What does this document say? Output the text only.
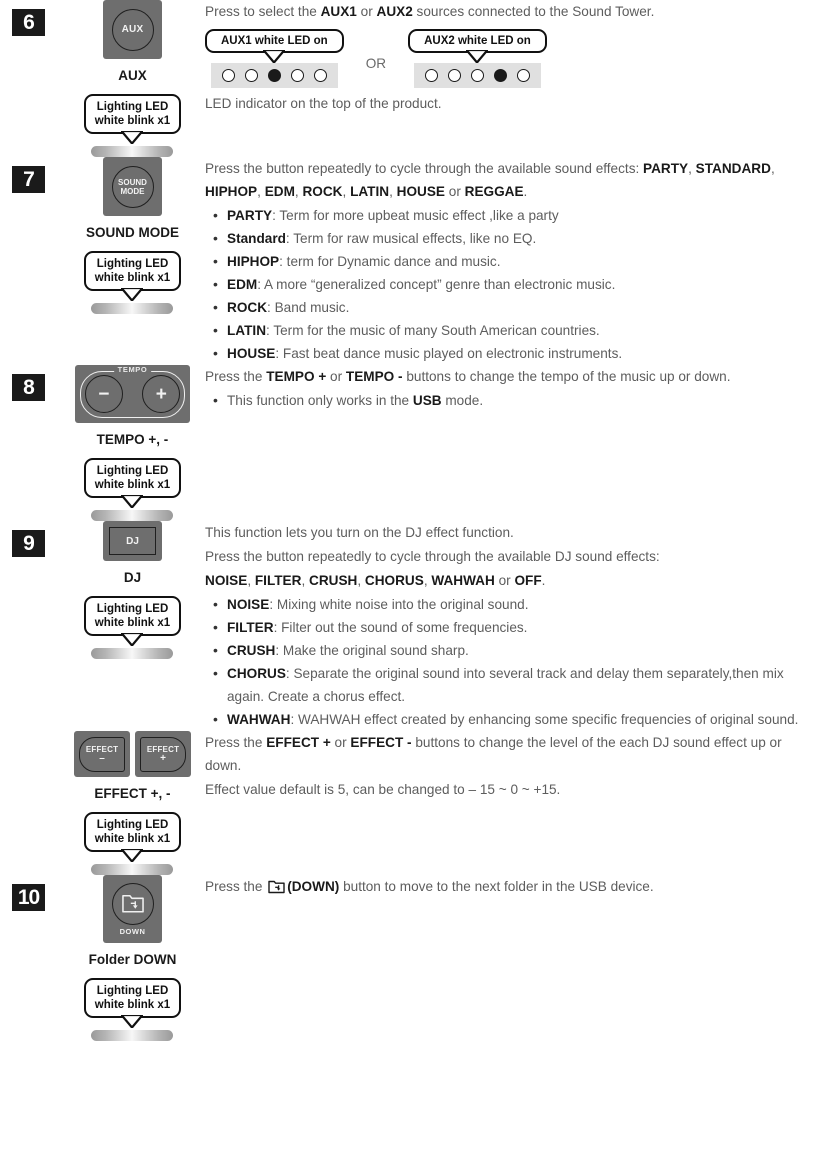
6	AUX
AUX
Lighting LED
white blink x1

Press to select the AUX1 or AUX2 sources connected to the Sound Tower.

AUX1 white LED on
OR
AUX2 white LED on

LED indicator on the top of the product.

7	SOUND
MODE
SOUND MODE
Lighting LED
white blink x1

Press the button repeatedly to cycle through the available sound effects: PARTY, STANDARD, HIPHOP, EDM, ROCK, LATIN, HOUSE or REGGAE.

• PARTY: Term for more upbeat music effect ,like a party
• Standard: Term for raw musical effects, like no EQ.
• HIPHOP: term for Dynamic dance and music.
• EDM: A more “generalized concept” genre than electronic music.
• ROCK: Band music.
• LATIN: Term for the music of many South American countries.
• HOUSE: Fast beat dance music played on electronic instruments.

8	
TEMPO
−	+
TEMPO +, -
Lighting LED
white blink x1

Press the TEMPO + or TEMPO - buttons to change the tempo of the music up or down.

• This function only works in the USB mode.

9	DJ
DJ
Lighting LED
white blink x1

This function lets you turn on the DJ effect function.

Press the button repeatedly to cycle through the available DJ sound effects:

NOISE, FILTER, CRUSH, CHORUS, WAHWAH or OFF.

• NOISE: Mixing white noise into the original sound.
• FILTER: Filter out the sound of some frequencies.
• CRUSH: Make the original sound sharp.
• CHORUS: Separate the original sound into several track and delay them separately,then mix again. Create a chorus effect.
• WAHWAH: WAHWAH effect created by enhancing some specific frequencies of original sound.

EFFECT
–
EFFECT
+
EFFECT +, -
Lighting LED
white blink x1

Press the EFFECT + or EFFECT - buttons to change the level of the each DJ sound effect up or down.

Effect value default is 5, can be changed to – 15 ~ 0 ~ +15.

10	
DOWN
Folder DOWN
Lighting LED
white blink x1

Press the
(DOWN) button to move to the next folder in the USB device.
